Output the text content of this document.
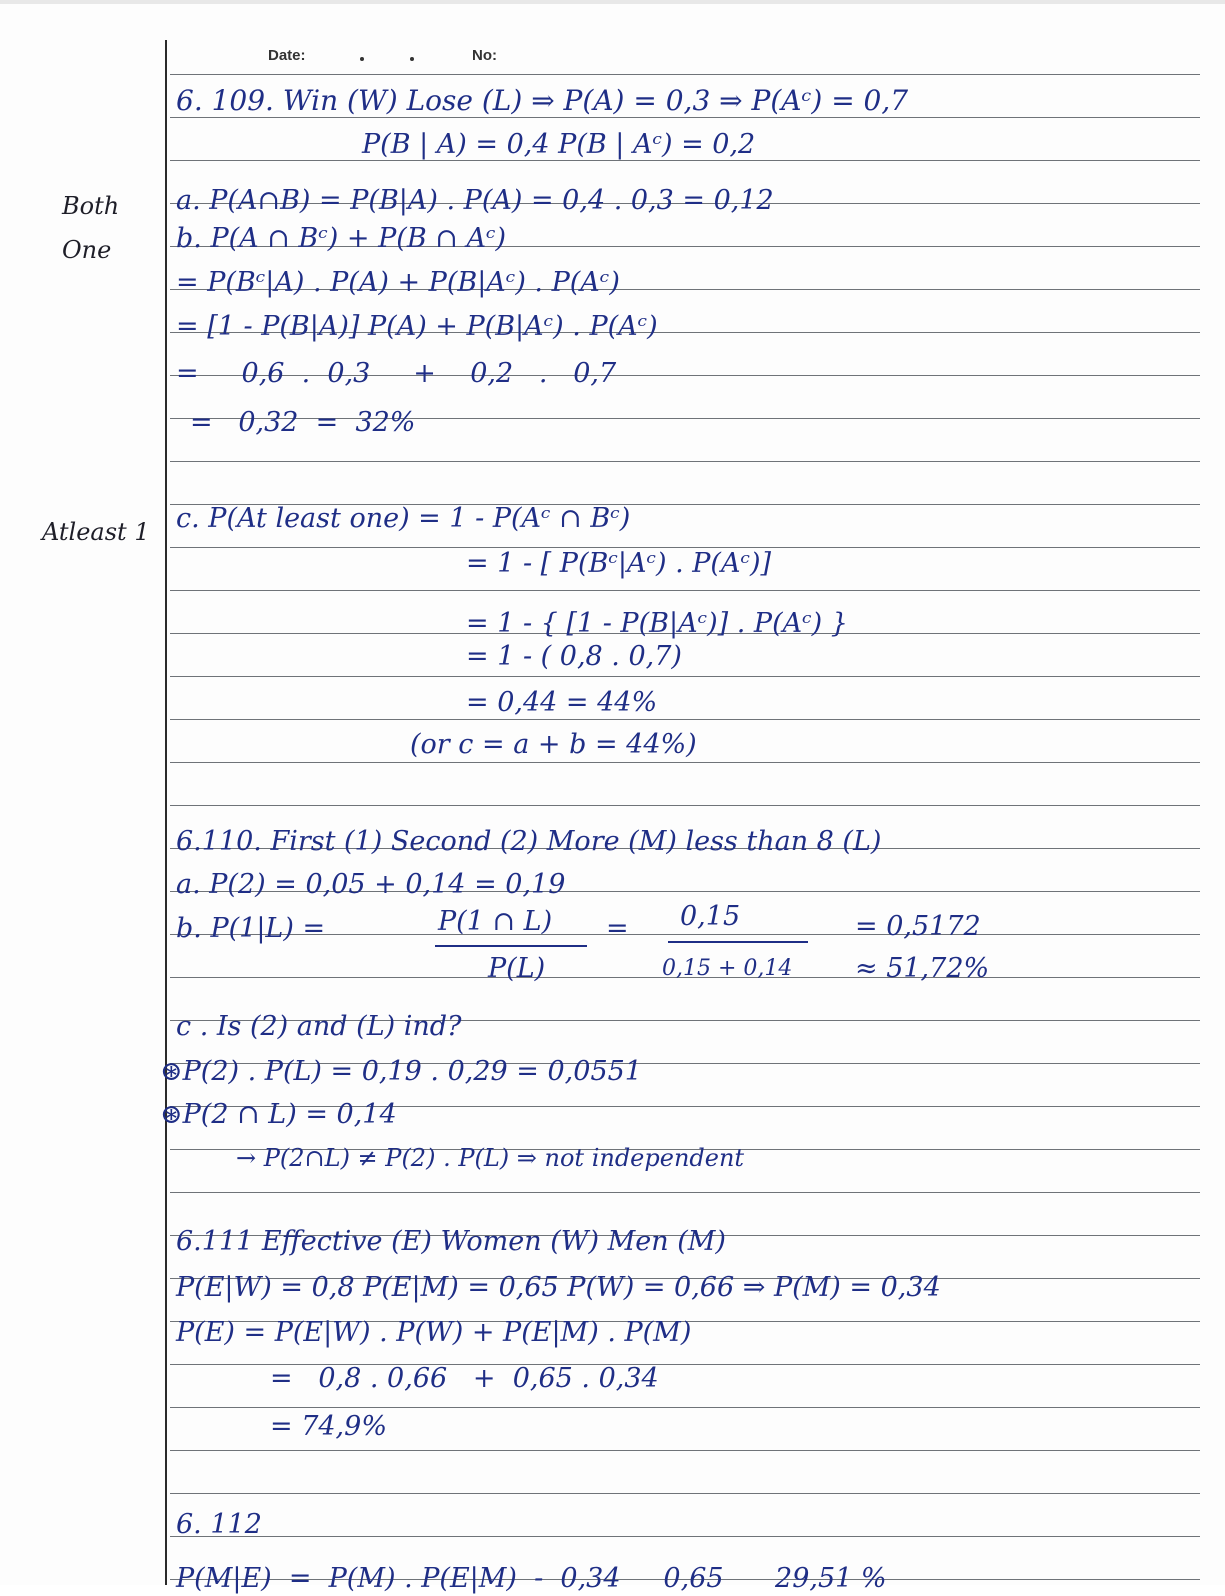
Date:	No:
Both
One
Atleast 1
6. 109. Win (W) Lose (L) ⇒ P(A) = 0,3 ⇒ P(Aᶜ) = 0,7
P(B | A) = 0,4 P(B | Aᶜ) = 0,2
a. P(A∩B) = P(B|A) . P(A) = 0,4 . 0,3 = 0,12
b. P(A ∩ Bᶜ) + P(B ∩ Aᶜ)
= P(Bᶜ|A) . P(A) + P(B|Aᶜ) . P(Aᶜ)
= [1 - P(B|A)] P(A) + P(B|Aᶜ) . P(Aᶜ)
=     0,6  .  0,3     +    0,2   .   0,7
=   0,32  =  32%
c. P(At least one) = 1 - P(Aᶜ ∩ Bᶜ)
= 1 - [ P(Bᶜ|Aᶜ) . P(Aᶜ)]
= 1 - { [1 - P(B|Aᶜ)] . P(Aᶜ) }
= 1 - ( 0,8 . 0,7)
= 0,44 = 44%
(or c = a + b = 44%)
6.110. First (1) Second (2) More (M) less than 8 (L)
a. P(2) = 0,05 + 0,14 = 0,19
b. P(1|L) =	P(1 ∩ L)
P(L)
= 0,15
0,15 + 0,14
= 0,5172
≈ 51,72%
c . Is (2) and (L) ind?
⊛P(2) . P(L) = 0,19 . 0,29 = 0,0551
⊛P(2 ∩ L) = 0,14
→ P(2∩L) ≠ P(2) . P(L) ⇒ not independent
6.111 Effective (E) Women (W) Men (M)
P(E|W) = 0,8 P(E|M) = 0,65 P(W) = 0,66 ⇒ P(M) = 0,34
P(E) = P(E|W) . P(W) + P(E|M) . P(M)
=   0,8 . 0,66   +  0,65 . 0,34
= 74,9%
6. 112
P(M|E)  =  P(M) . P(E|M)  -  0,34     0,65      29,51 %
